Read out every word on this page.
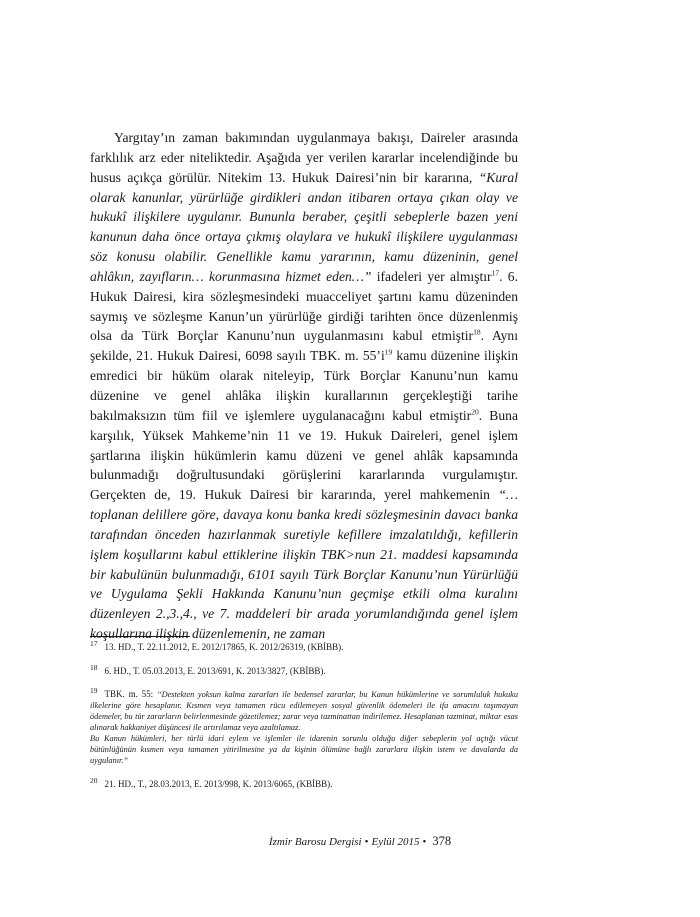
Yargıtay’ın zaman bakımından uygulanmaya bakışı, Daireler arasında farklılık arz eder niteliktedir. Aşağıda yer verilen kararlar incelendiğinde bu husus açıkça görülür. Nitekim 13. Hukuk Dairesi’nin bir kararına, “Kural olarak kanunlar, yürürlüğe girdikleri andan itibaren ortaya çıkan olay ve hukukî ilişkilere uygulanır. Bununla beraber, çeşitli sebeplerle bazen yeni kanunun daha önce ortaya çıkmış olaylara ve hukukî ilişkilere uygulanması söz konusu olabilir. Genellikle kamu yararının, kamu düzeninin, genel ahlâkın, zayıfların… korunmasına hizmet eden…” ifadeleri yer almıştır$^{17}$. 6. Hukuk Dairesi, kira sözleşmesindeki muacceliyet şartını kamu düzeninden saymış ve sözleşme Kanun’un yürürlüğe girdiği tarihten önce düzenlenmiş olsa da Türk Borçlar Kanunu’nun uygulanmasını kabul etmiştir$^{18}$. Aynı şekilde, 21. Hukuk Dairesi, 6098 sayılı TBK. m. $55’i^{19}$ kamu düzenine ilişkin emredici bir hüküm olarak niteleyip, Türk Borçlar Kanunu’nun kamu düzenine ve genel ahlâka ilişkin kurallarının gerçekleştiği tarihe bakılmaksızın tüm fiil ve işlemlere uygulanacağını kabul etmiştir$^{20}$. Buna karşılık, Yüksek Mahkeme’nin 11 ve 19. Hukuk Daireleri, genel işlem şartlarına ilişkin hükümlerin kamu düzeni ve genel ahlâk kapsamında bulunmadığı doğrultusundaki görüşlerini kararlarında vurgulamıştır. Gerçekten de, 19. Hukuk Dairesi bir kararında, yerel mahkemenin “…toplanan delillere göre, davaya konu banka kredi sözleşmesinin davacı banka tarafından önceden hazırlanmak suretiyle kefillere imzalatıldığı, kefillerin işlem koşullarını kabul ettiklerine ilişkin TBK>nun 21. maddesi kapsamında bir kabulünün bulunmadığı, 6101 sayılı Türk Borçlar Kanunu’nun Yürürlüğü ve Uygulama Şekli Hakkında Kanunu’nun geçmişe etkili olma kuralını düzenleyen 2.,3.,4., ve 7. maddeleri bir arada yorumlandığında genel işlem koşullarına ilişkin düzenlemenin, ne zaman

$^{17}$ 13. HD., T. 22.11.2012, E. 2012/17865, K. 2012/26319, (KBİBB).

$^{18}$ 6. HD., T. 05.03.2013, E. 2013/691, K. 2013/3827, (KBİBB).

19 TBK. m. 55: “Destekten yoksun kalma zararları ile bedensel zararlar, bu Kanun hükümlerine ve sorumluluk hukuku ilkelerine göre hesaplanır. Kısmen veya tamamen rücu edilemeyen sosyal güvenlik ödemeleri ile ifa amacını taşımayan ödemeler, bu tür zararların belirlenmesinde gözetilemez; zarar veya tazminattan indirilemez. Hesaplanan tazminat, miktar esas alınarak hakkaniyet düşüncesi ile artırılamaz veya azaltılamaz.
Bu Kanun hükümleri, her türlü idari eylem ve işlemler ile idarenin sorunlu olduğu diğer sebeplerin yol açtığı vücut bütünlüğünün kısmen veya tamamen yitirilmesine ya da kişinin ölümüne bağlı zararlara ilişkin istem ve davalarda da uygulanır.”

$^{20}$ 21. HD., T., 28.03.2013, E. 2013/998, K. 2013/6065, (KBİBB).

İzmir Barosu Dergisi • Eylül 2015 • 378
